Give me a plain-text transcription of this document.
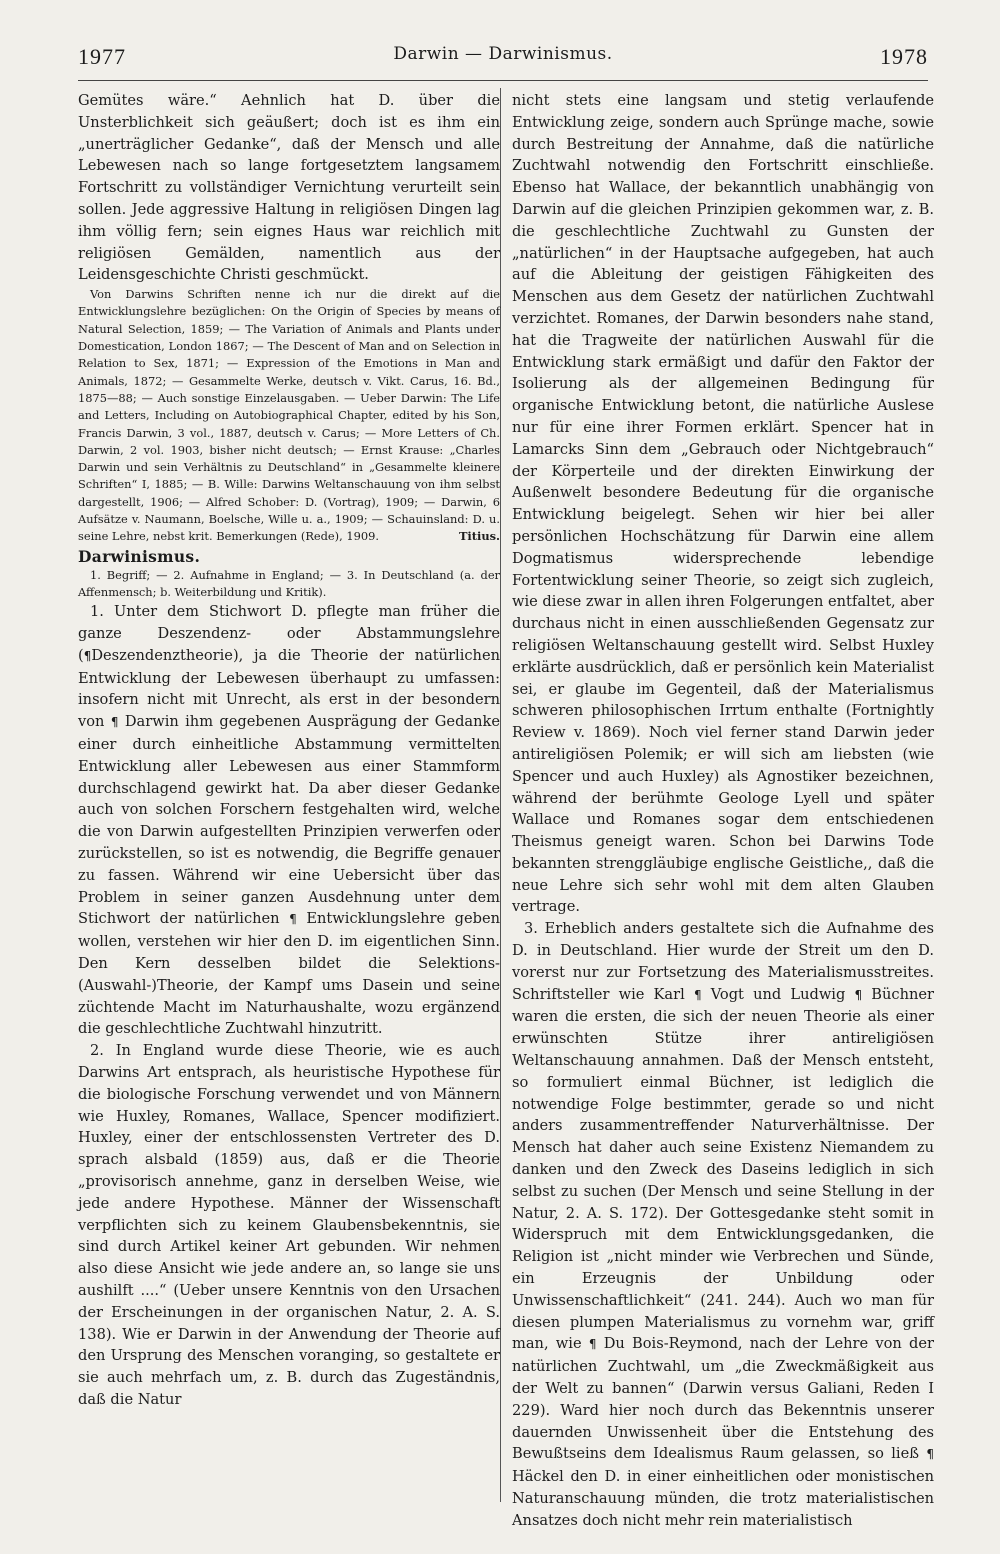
1977	Darwin — Darwinismus.	1978

Gemütes wäre.“ Aehnlich hat D. über die Unsterblichkeit sich geäußert; doch ist es ihm ein „unerträglicher Gedanke“, daß der Mensch und alle Lebewesen nach so lange fortgesetztem langsamem Fortschritt zu vollständiger Vernichtung verurteilt sein sollen. Jede aggressive Haltung in religiösen Dingen lag ihm völlig fern; sein eignes Haus war reichlich mit religiösen Gemälden, namentlich aus der Leidensgeschichte Christi geschmückt.

Von Darwins Schriften nenne ich nur die direkt auf die Entwicklungslehre bezüglichen: On the Origin of Species by means of Natural Selection, 1859; — The Variation of Animals and Plants under Domestication, London 1867; — The Descent of Man and on Selection in Relation to Sex, 1871; — Expression of the Emotions in Man and Animals, 1872; — Gesammelte Werke, deutsch v. Vikt. Carus, 16. Bd., 1875—88; — Auch sonstige Einzelausgaben. — Ueber Darwin: The Life and Letters, Including on Autobiographical Chapter, edited by his Son, Francis Darwin, 3 vol., 1887, deutsch v. Carus; — More Letters of Ch. Darwin, 2 vol. 1903, bisher nicht deutsch; — Ernst Krause: „Charles Darwin und sein Verhältnis zu Deutschland“ in „Gesammelte kleinere Schriften“ I, 1885; — B. Wille: Darwins Weltanschauung von ihm selbst dargestellt, 1906; — Alfred Schober: D. (Vortrag), 1909; — Darwin, 6 Aufsätze v. Naumann, Boelsche, Wille u. a., 1909; — Schauinsland: D. u. seine Lehre, nebst krit. Bemerkungen (Rede), 1909.	Titius.

Darwinismus.

1. Begriff; — 2. Aufnahme in England; — 3. In Deutschland (a. der Affenmensch; b. Weiterbildung und Kritik).

1. Unter dem Stichwort D. pflegte man früher die ganze Deszendenz- oder Abstammungslehre (¶Deszendenztheorie), ja die Theorie der natürlichen Entwicklung der Lebewesen überhaupt zu umfassen: insofern nicht mit Unrecht, als erst in der besondern von ¶ Darwin ihm gegebenen Ausprägung der Gedanke einer durch einheitliche Abstammung vermittelten Entwicklung aller Lebewesen aus einer Stammform durchschlagend gewirkt hat. Da aber dieser Gedanke auch von solchen Forschern festgehalten wird, welche die von Darwin aufgestellten Prinzipien verwerfen oder zurückstellen, so ist es notwendig, die Begriffe genauer zu fassen. Während wir eine Uebersicht über das Problem in seiner ganzen Ausdehnung unter dem Stichwort der natürlichen ¶ Entwicklungslehre geben wollen, verstehen wir hier den D. im eigentlichen Sinn. Den Kern desselben bildet die Selektions-(Auswahl-)Theorie, der Kampf ums Dasein und seine züchtende Macht im Naturhaushalte, wozu ergänzend die geschlechtliche Zuchtwahl hinzutritt.

2. In England wurde diese Theorie, wie es auch Darwins Art entsprach, als heuristische Hypothese für die biologische Forschung verwendet und von Männern wie Huxley, Romanes, Wallace, Spencer modifiziert. Huxley, einer der entschlossensten Vertreter des D. sprach alsbald (1859) aus, daß er die Theorie „provisorisch annehme, ganz in derselben Weise, wie jede andere Hypothese. Männer der Wissenschaft verpflichten sich zu keinem Glaubensbekenntnis, sie sind durch Artikel keiner Art gebunden. Wir nehmen also diese Ansicht wie jede andere an, so lange sie uns aushilft ....“ (Ueber unsere Kenntnis von den Ursachen der Erscheinungen in der organischen Natur, 2. A. S. 138). Wie er Darwin in der Anwendung der Theorie auf den Ursprung des Menschen voranging, so gestaltete er sie auch mehrfach um, z. B. durch das Zugeständnis, daß die Natur

nicht stets eine langsam und stetig verlaufende Entwicklung zeige, sondern auch Sprünge mache, sowie durch Bestreitung der Annahme, daß die natürliche Zuchtwahl notwendig den Fortschritt einschließe. Ebenso hat Wallace, der bekanntlich unabhängig von Darwin auf die gleichen Prinzipien gekommen war, z. B. die geschlechtliche Zuchtwahl zu Gunsten der „natürlichen“ in der Hauptsache aufgegeben, hat auch auf die Ableitung der geistigen Fähigkeiten des Menschen aus dem Gesetz der natürlichen Zuchtwahl verzichtet. Romanes, der Darwin besonders nahe stand, hat die Tragweite der natürlichen Auswahl für die Entwicklung stark ermäßigt und dafür den Faktor der Isolierung als der allgemeinen Bedingung für organische Entwicklung betont, die natürliche Auslese nur für eine ihrer Formen erklärt. Spencer hat in Lamarcks Sinn dem „Gebrauch oder Nichtgebrauch“ der Körperteile und der direkten Einwirkung der Außenwelt besondere Bedeutung für die organische Entwicklung beigelegt. Sehen wir hier bei aller persönlichen Hochschätzung für Darwin eine allem Dogmatismus widersprechende lebendige Fortentwicklung seiner Theorie, so zeigt sich zugleich, wie diese zwar in allen ihren Folgerungen entfaltet, aber durchaus nicht in einen ausschließenden Gegensatz zur religiösen Weltanschauung gestellt wird. Selbst Huxley erklärte ausdrücklich, daß er persönlich kein Materialist sei, er glaube im Gegenteil, daß der Materialismus schweren philosophischen Irrtum enthalte (Fortnightly Review v. 1869). Noch viel ferner stand Darwin jeder antireligiösen Polemik; er will sich am liebsten (wie Spencer und auch Huxley) als Agnostiker bezeichnen, während der berühmte Geologe Lyell und später Wallace und Romanes sogar dem entschiedenen Theismus geneigt waren. Schon bei Darwins Tode bekannten strenggläubige englische Geistliche,, daß die neue Lehre sich sehr wohl mit dem alten Glauben vertrage.

3. Erheblich anders gestaltete sich die Aufnahme des D. in Deutschland. Hier wurde der Streit um den D. vorerst nur zur Fortsetzung des Materialismusstreites. Schriftsteller wie Karl ¶ Vogt und Ludwig ¶ Büchner waren die ersten, die sich der neuen Theorie als einer erwünschten Stütze ihrer antireligiösen Weltanschauung annahmen. Daß der Mensch entsteht, so formuliert einmal Büchner, ist lediglich die notwendige Folge bestimmter, gerade so und nicht anders zusammentreffender Naturverhältnisse. Der Mensch hat daher auch seine Existenz Niemandem zu danken und den Zweck des Daseins lediglich in sich selbst zu suchen (Der Mensch und seine Stellung in der Natur, 2. A. S. 172). Der Gottesgedanke steht somit in Widerspruch mit dem Entwicklungsgedanken, die Religion ist „nicht minder wie Verbrechen und Sünde, ein Erzeugnis der Unbildung oder Unwissenschaftlichkeit“ (241. 244). Auch wo man für diesen plumpen Materialismus zu vornehm war, griff man, wie ¶ Du Bois-Reymond, nach der Lehre von der natürlichen Zuchtwahl, um „die Zweckmäßigkeit aus der Welt zu bannen“ (Darwin versus Galiani, Reden I 229). Ward hier noch durch das Bekenntnis unserer dauernden Unwissenheit über die Entstehung des Bewußtseins dem Idealismus Raum gelassen, so ließ ¶ Häckel den D. in einer einheitlichen oder monistischen Naturanschauung münden, die trotz materialistischen Ansatzes doch nicht mehr rein materialistisch
